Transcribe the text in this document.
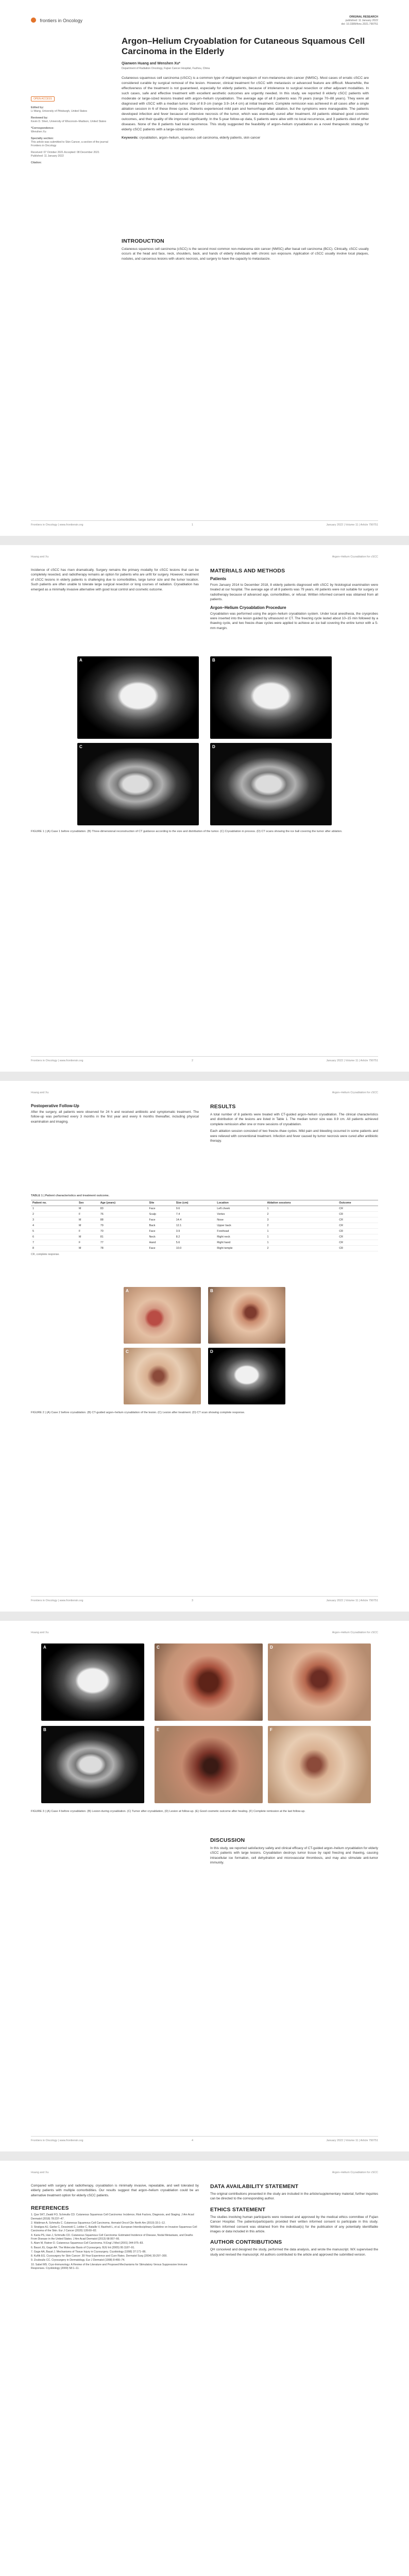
frontiers in Oncology
ORIGINAL RESEARCH
published: 11 January 2022
doi: 10.3389/fonc.2021.790751
Argon–Helium Cryoablation for Cutaneous Squamous Cell Carcinoma in the Elderly
Qianwen Huang and Wenshen Xu*
Department of Radiation Oncology, Fujian Cancer Hospital, Fuzhou, China
Cutaneous squamous cell carcinoma (cSCC) is a common type of malignant neoplasm of non-melanoma skin cancer (NMSC). Most cases of erratic cSCC are considered curable by surgical removal of the lesion. However, clinical treatment for cSCC with metastasis or advanced feature are difficult. Meanwhile, the effectiveness of the treatment is not guaranteed, especially for elderly patients, because of intolerance to surgical resection or other adjuvant modalities. In such cases, safe and effective treatment with excellent aesthetic outcomes are urgently needed. In this study, we reported 8 elderly cSCC patients with moderate or large-sized lesions treated with argon–helium cryoablation. The average age of all 8 patients was 79 years (range 70–88 years). They were all diagnosed with cSCC with a median tumor size of 8.9 cm (range 3.9–14.4 cm) at initial treatment. Complete remission was achieved in all cases after a single ablation session in 6 of these three cycles. Patients experienced mild pain and hemorrhage after ablation, but the symptoms were manageable. The patients developed infection and fever because of extensive necrosis of the tumor, which was eventually cured after treatment. All patients obtained good cosmetic outcomes, and their quality of life improved significantly. In the 5-year follow-up data, 5 patients were alive with no local recurrence, and 3 patients died of other diseases. None of the 8 patients had local recurrence. This study suggested the feasibility of argon–helium cryoablation as a novel therapeutic strategy for elderly cSCC patients with a large-sized lesion.
Keywords: cryoablation, argon–helium, squamous cell carcinoma, elderly patients, skin cancer
OPEN ACCESS
Edited by:
Li Wang, University of Pittsburgh, United States
Reviewed by:
Kevin D. Sheri, University of Wisconsin–Madison, United States
*Correspondence:
Wenshen Xu
Specialty section:
This article was submitted to Skin Cancer, a section of the journal Frontiers in Oncology
Received: 07 October 2021 Accepted: 08 December 2021 Published: 11 January 2022
Citation:
INTRODUCTION
Cutaneous squamous cell carcinoma (cSCC) is the second most common non-melanoma skin cancer (NMSC) after basal cell carcinoma (BCC). Clinically, cSCC usually occurs at the head and face, neck, shoulders, back, and hands of elderly individuals with chronic sun exposure. Application of cSCC usually involve local plaques, nodules, and cancerous lesions with ulceric necrosis, and surgery to have the capacity to metastasize.
Frontiers in Oncology | www.frontiersin.org	1	January 2022 | Volume 11 | Article 790751
Huang and Xu	Argon–Helium Cryoablation for cSCC
Incidence of cSCC has risen dramatically. Surgery remains the primary modality for cSCC lesions that can be completely resected, and radiotherapy remains an option for patients who are unfit for surgery. However, treatment of cSCC lesions in elderly patients is challenging due to comorbidities, large tumor size and the tumor location. Such patients are often unable to tolerate large surgical resection or long courses of radiation. Cryoablation has emerged as a minimally invasive alternative with good local control and cosmetic outcome.
MATERIALS AND METHODS
Patients
From January 2014 to December 2018, 8 elderly patients diagnosed with cSCC by histological examination were treated at our hospital. The average age of all 8 patients was 79 years. All patients were not suitable for surgery or radiotherapy because of advanced age, comorbidities, or refusal. Written informed consent was obtained from all patients.
Argon–Helium Cryoablation Procedure
Cryoablation was performed using the argon–helium cryoablation system. Under local anesthesia, the cryoprobes were inserted into the lesion guided by ultrasound or CT. The freezing cycle lasted about 10–15 min followed by a thawing cycle, and two freeze–thaw cycles were applied to achieve an ice ball covering the entire tumor with a 5-mm margin.
A	B
C	D
FIGURE 1 | (A) Case 1 before cryoablation. (B) Three-dimensional reconstruction of CT guidance according to the size and distribution of the tumor. (C) Cryoablation in process. (D) CT scans showing the ice ball covering the tumor after ablation.
Frontiers in Oncology | www.frontiersin.org	2	January 2022 | Volume 11 | Article 790751
Huang and Xu	Argon–Helium Cryoablation for cSCC
Postoperative Follow-Up
After the surgery, all patients were observed for 24 h and received antibiotic and symptomatic treatment. The follow-up was performed every 3 months in the first year and every 6 months thereafter, including physical examination and imaging.
RESULTS
A total number of 8 patients were treated with CT-guided argon–helium cryoablation. The clinical characteristics and distribution of the lesions are listed in Table 1. The median tumor size was 8.9 cm. All patients achieved complete remission after one or more sessions of cryoablation.
Each ablation session consisted of two freeze–thaw cycles. Mild pain and bleeding occurred in some patients and were relieved with conventional treatment. Infection and fever caused by tumor necrosis were cured after antibiotic therapy.
TABLE 1 | Patient characteristics and treatment outcome.
Patient no.	Sex	Age (years)	Site	Size (cm)	Location	Ablation sessions	Outcome
1	M	83	Face	9.6	Left cheek	1	CR
2	F	76	Scalp	7.4	Vertex	2	CR
3	M	88	Face	14.4	Nose	3	CR
4	M	79	Back	12.1	Upper back	2	CR
5	F	70	Face	3.9	Forehead	1	CR
6	M	81	Neck	8.2	Right neck	1	CR
7	F	77	Hand	5.6	Right hand	1	CR
8	M	78	Face	10.0	Right temple	2	CR
CR, complete response.
A	B
C	D
FIGURE 2 | (A) Case 2 before cryoablation. (B) CT-guided argon–helium cryoablation of the lesion. (C) Lesion after treatment. (D) CT scan showing complete response.
Frontiers in Oncology | www.frontiersin.org	3	January 2022 | Volume 11 | Article 790751
Huang and Xu	Argon–Helium Cryoablation for cSCC
A
B
C	D
E	F
FIGURE 3 | (A) Case 4 before cryoablation. (B) Lesion during cryoablation. (C) Tumor after cryoablation, (D) Lesion at follow-up. (E) Good cosmetic outcome after healing. (F) Complete remission at the last follow-up.
DISCUSSION
In this study, we reported satisfactory safety and clinical efficacy of CT-guided argon–helium cryoablation for elderly cSCC patients with large lesions. Cryoablation destroys tumor tissue by rapid freezing and thawing, causing intracellular ice formation, cell dehydration and microvascular thrombosis, and may also stimulate anti-tumor immunity.
Frontiers in Oncology | www.frontiersin.org	4	January 2022 | Volume 11 | Article 790751
Huang and Xu	Argon–Helium Cryoablation for cSCC
Compared with surgery and radiotherapy, cryoablation is minimally invasive, repeatable, and well tolerated by elderly patients with multiple comorbidities. Our results suggest that argon–helium cryoablation could be an alternative treatment option for elderly cSCC patients.
REFERENCES
1. Que SKT, Zwald FO, Schmults CD. Cutaneous Squamous Cell Carcinoma: Incidence, Risk Factors, Diagnosis, and Staging. J Am Acad Dermatol (2018) 78:237–47.
2. Waldman A, Schmults C. Cutaneous Squamous Cell Carcinoma. Hematol Oncol Clin North Am (2019) 33:1–12.
3. Stratigos AJ, Garbe C, Dessinioti C, Lebbe C, Bataille V, Bastholt L, et al. European Interdisciplinary Guideline on Invasive Squamous Cell Carcinoma of the Skin. Eur J Cancer (2020) 128:60–82.
4. Karia PS, Han J, Schmults CD. Cutaneous Squamous Cell Carcinoma: Estimated Incidence of Disease, Nodal Metastasis, and Deaths From Disease in the United States. J Am Acad Dermatol (2013) 68:957–66.
5. Alam M, Ratner D. Cutaneous Squamous-Cell Carcinoma. N Engl J Med (2001) 344:975–83.
6. Baust JG, Gage AA. The Molecular Basis of Cryosurgery. BJU Int (2005) 95:1187–91.
7. Gage AA, Baust J. Mechanisms of Tissue Injury in Cryosurgery. Cryobiology (1998) 37:171–86.
8. Kuflik EG. Cryosurgery for Skin Cancer: 30-Year Experience and Cure Rates. Dermatol Surg (2004) 30:297–300.
9. Zouboulis CC. Cryosurgery in Dermatology. Eur J Dermatol (1998) 8:466–74.
10. Sabel MS. Cryo-Immunology: A Review of the Literature and Proposed Mechanisms for Stimulatory Versus Suppressive Immune Responses. Cryobiology (2009) 58:1–11.
DATA AVAILABILITY STATEMENT
The original contributions presented in the study are included in the article/supplementary material; further inquiries can be directed to the corresponding author.
ETHICS STATEMENT
The studies involving human participants were reviewed and approved by the medical ethics committee of Fujian Cancer Hospital. The patients/participants provided their written informed consent to participate in this study. Written informed consent was obtained from the individual(s) for the publication of any potentially identifiable images or data included in this article.
AUTHOR CONTRIBUTIONS
QH conceived and designed the study, performed the data analysis, and wrote the manuscript. WX supervised the study and revised the manuscript. All authors contributed to the article and approved the submitted version.
